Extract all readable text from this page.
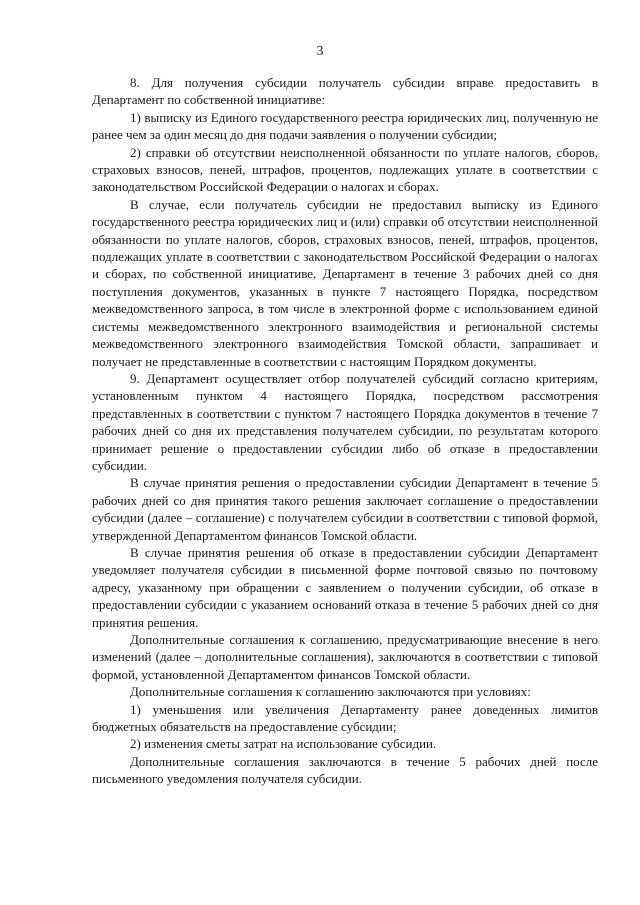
3

8. Для получения субсидии получатель субсидии вправе предоставить в Департамент по собственной инициативе:

1) выписку из Единого государственного реестра юридических лиц, полученную не ранее чем за один месяц до дня подачи заявления о получении субсидии;

2) справки об отсутствии неисполненной обязанности по уплате налогов, сборов, страховых взносов, пеней, штрафов, процентов, подлежащих уплате в соответствии с законодательством Российской Федерации о налогах и сборах.

В случае, если получатель субсидии не предоставил выписку из Единого государственного реестра юридических лиц и (или) справки об отсутствии неисполненной обязанности по уплате налогов, сборов, страховых взносов, пеней, штрафов, процентов, подлежащих уплате в соответствии с законодательством Российской Федерации о налогах и сборах, по собственной инициативе, Департамент в течение 3 рабочих дней со дня поступления документов, указанных в пункте 7 настоящего Порядка, посредством межведомственного запроса, в том числе в электронной форме с использованием единой системы межведомственного электронного взаимодействия и региональной системы межведомственного электронного взаимодействия Томской области, запрашивает и получает не представленные в соответствии с настоящим Порядком документы.

9. Департамент осуществляет отбор получателей субсидий согласно критериям, установленным пунктом 4 настоящего Порядка, посредством рассмотрения представленных в соответствии с пунктом 7 настоящего Порядка документов в течение 7 рабочих дней со дня их представления получателем субсидии, по результатам которого принимает решение о предоставлении субсидии либо об отказе в предоставлении субсидии.

В случае принятия решения о предоставлении субсидии Департамент в течение 5 рабочих дней со дня принятия такого решения заключает соглашение о предоставлении субсидии (далее – соглашение) с получателем субсидии в соответствии с типовой формой, утвержденной Департаментом финансов Томской области.

В случае принятия решения об отказе в предоставлении субсидии Департамент уведомляет получателя субсидии в письменной форме почтовой связью по почтовому адресу, указанному при обращении с заявлением о получении субсидии, об отказе в предоставлении субсидии с указанием оснований отказа в течение 5 рабочих дней со дня принятия решения.

Дополнительные соглашения к соглашению, предусматривающие внесение в него изменений (далее – дополнительные соглашения), заключаются в соответствии с типовой формой, установленной Департаментом финансов Томской области.

Дополнительные соглашения к соглашению заключаются при условиях:

1) уменьшения или увеличения Департаменту ранее доведенных лимитов бюджетных обязательств на предоставление субсидии;

2) изменения сметы затрат на использование субсидии.

Дополнительные соглашения заключаются в течение 5 рабочих дней после письменного уведомления получателя субсидии.
